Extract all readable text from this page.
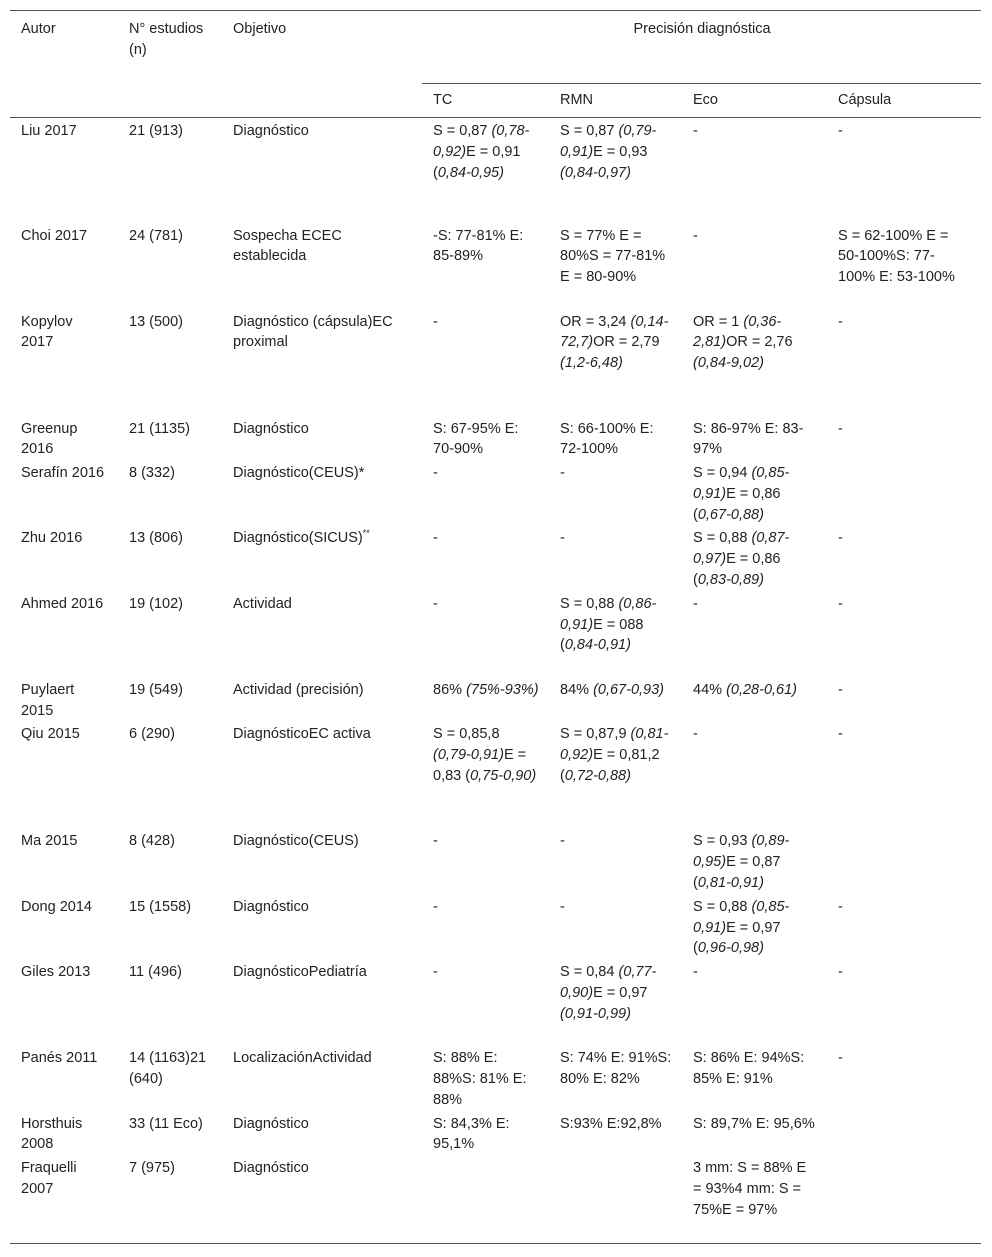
Autor	N° estudios (n)	Objetivo	Precisión diagnóstica			
			TC	RMN	Eco	Cápsula
Liu 2017	21 (913)	Diagnóstico	S = 0,87 (0,78-0,92)E = 0,91 (0,84-0,95)	S = 0,87 (0,79-0,91)E = 0,93 (0,84-0,97)	-	-
Choi 2017	24 (781)	Sospecha ECEC establecida	-S: 77-81% E: 85-89%	S = 77% E = 80%S = 77-81% E = 80-90%	-	S = 62-100% E = 50-100%S: 77-100% E: 53-100%
Kopylov 2017	13 (500)	Diagnóstico (cápsula)EC proximal	-	OR = 3,24 (0,14-72,7)OR = 2,79 (1,2-6,48)	OR = 1 (0,36-2,81)OR = 2,76 (0,84-9,02)	-
Greenup 2016	21 (1135)	Diagnóstico	S: 67-95% E: 70-90%	S: 66-100% E: 72-100%	S: 86-97% E: 83-97%	-
Serafín 2016	8 (332)	Diagnóstico(CEUS)*	-	-	S = 0,94 (0,85-0,91)E = 0,86 (0,67-0,88)	
Zhu 2016	13 (806)	Diagnóstico(SICUS)**	-	-	S = 0,88 (0,87-0,97)E = 0,86 (0,83-0,89)	-
Ahmed 2016	19 (102)	Actividad	-	S = 0,88 (0,86-0,91)E = 088 (0,84-0,91)	-	-
Puylaert 2015	19 (549)	Actividad (precisión)	86% (75%-93%)	84% (0,67-0,93)	44% (0,28-0,61)	-
Qiu 2015	6 (290)	DiagnósticoEC activa	S = 0,85,8 (0,79-0,91)E = 0,83 (0,75-0,90)	S = 0,87,9 (0,81-0,92)E = 0,81,2 (0,72-0,88)	-	-
Ma 2015	8 (428)	Diagnóstico(CEUS)	-	-	S = 0,93 (0,89-0,95)E = 0,87 (0,81-0,91)	
Dong 2014	15 (1558)	Diagnóstico	-	-	S = 0,88 (0,85-0,91)E = 0,97 (0,96-0,98)	-
Giles 2013	11 (496)	DiagnósticoPediatría	-	S = 0,84 (0,77-0,90)E = 0,97 (0,91-0,99)	-	-
Panés 2011	14 (1163)21 (640)	LocalizaciónActividad	S: 88% E: 88%S: 81% E: 88%	S: 74% E: 91%S: 80% E: 82%	S: 86% E: 94%S: 85% E: 91%	-
Horsthuis 2008	33 (11 Eco)	Diagnóstico	S: 84,3% E: 95,1%	S:93% E:92,8%	S: 89,7% E: 95,6%	
Fraquelli 2007	7 (975)	Diagnóstico			3 mm: S = 88% E = 93%4 mm: S = 75%E = 97%	
